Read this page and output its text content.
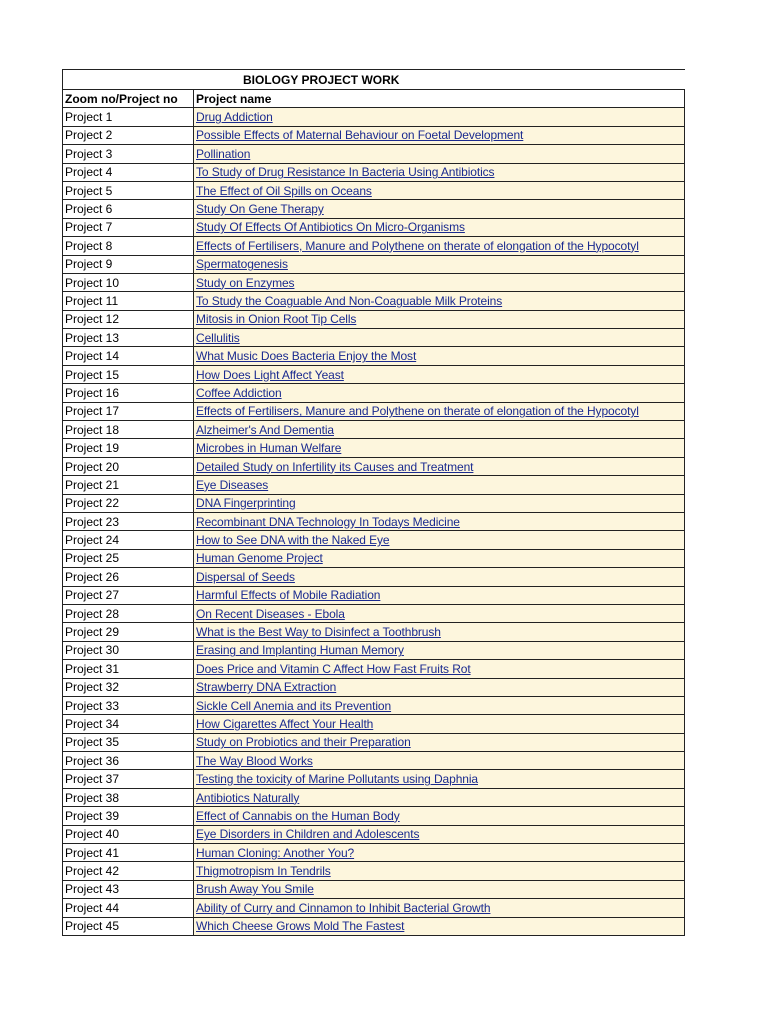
BIOLOGY PROJECT WORK	
Zoom no/Project no	Project name
Project 1	Drug Addiction
Project 2	Possible Effects of Maternal Behaviour on Foetal Development
Project 3	Pollination
Project 4	To Study of Drug Resistance In Bacteria Using Antibiotics
Project 5	The Effect of Oil Spills on Oceans
Project 6	Study On Gene Therapy
Project 7	Study Of Effects Of Antibiotics On Micro-Organisms
Project 8	Effects of Fertilisers, Manure and Polythene on therate of elongation of the Hypocotyl
Project 9	Spermatogenesis
Project 10	Study on Enzymes
Project 11	To Study the Coaguable And Non-Coaguable Milk Proteins
Project 12	Mitosis in Onion Root Tip Cells
Project 13	Cellulitis
Project 14	What Music Does Bacteria Enjoy the Most
Project 15	How Does Light Affect Yeast
Project 16	Coffee Addiction
Project 17	Effects of Fertilisers, Manure and Polythene on therate of elongation of the Hypocotyl
Project 18	Alzheimer's And Dementia
Project 19	Microbes in Human Welfare
Project 20	Detailed Study on Infertility its Causes and Treatment
Project 21	Eye Diseases
Project 22	DNA Fingerprinting
Project 23	Recombinant DNA Technology In Todays Medicine
Project 24	How to See DNA with the Naked Eye
Project 25	Human Genome Project
Project 26	Dispersal of Seeds
Project 27	Harmful Effects of Mobile Radiation
Project 28	On Recent Diseases - Ebola
Project 29	What is the Best Way to Disinfect a Toothbrush
Project 30	Erasing and Implanting Human Memory
Project 31	Does Price and Vitamin C Affect How Fast Fruits Rot
Project 32	Strawberry DNA Extraction
Project 33	Sickle Cell Anemia and its Prevention
Project 34	How Cigarettes Affect Your Health
Project 35	Study on Probiotics and their Preparation
Project 36	The Way Blood Works
Project 37	Testing the toxicity of Marine Pollutants using Daphnia
Project 38	Antibiotics Naturally
Project 39	Effect of Cannabis on the Human Body
Project 40	Eye Disorders in Children and Adolescents
Project 41	Human Cloning: Another You?
Project 42	Thigmotropism In Tendrils
Project 43	Brush Away You Smile
Project 44	Ability of Curry and Cinnamon to Inhibit Bacterial Growth
Project 45	Which Cheese Grows Mold The Fastest
